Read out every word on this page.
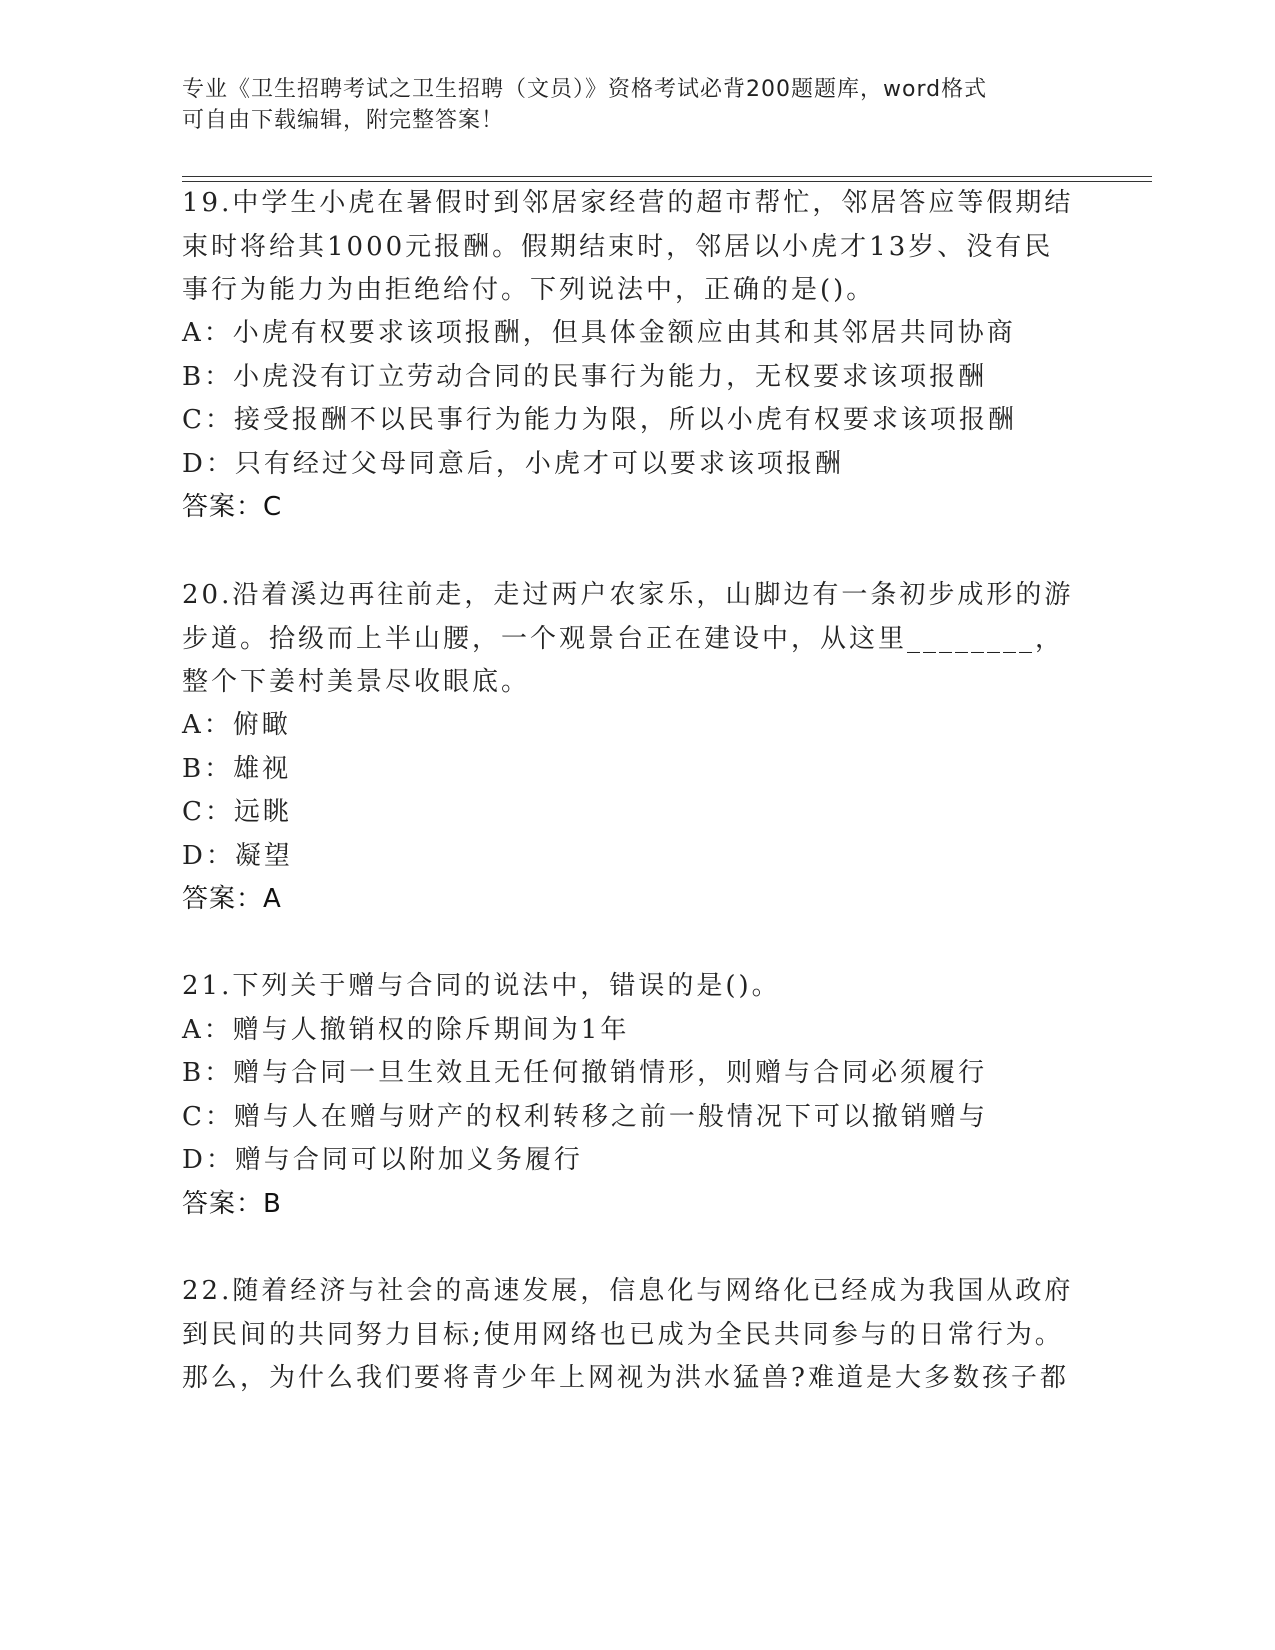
专业《卫生招聘考试之卫生招聘（文员）》资格考试必背200题题库，word格式
可自由下载编辑，附完整答案！
19.中学生小虎在暑假时到邻居家经营的超市帮忙，邻居答应等假期结
束时将给其1000元报酬。假期结束时，邻居以小虎才13岁、没有民
事行为能力为由拒绝给付。下列说法中，正确的是()。
A：小虎有权要求该项报酬，但具体金额应由其和其邻居共同协商
B：小虎没有订立劳动合同的民事行为能力，无权要求该项报酬
C：接受报酬不以民事行为能力为限，所以小虎有权要求该项报酬
D：只有经过父母同意后，小虎才可以要求该项报酬
20.沿着溪边再往前走，走过两户农家乐，山脚边有一条初步成形的游
步道。拾级而上半山腰，一个观景台正在建设中，从这里________，
整个下姜村美景尽收眼底。
A：俯瞰
B：雄视
C：远眺
D：凝望
21.下列关于赠与合同的说法中，错误的是()。
A：赠与人撤销权的除斥期间为1年
B：赠与合同一旦生效且无任何撤销情形，则赠与合同必须履行
C：赠与人在赠与财产的权利转移之前一般情况下可以撤销赠与
D：赠与合同可以附加义务履行
22.随着经济与社会的高速发展，信息化与网络化已经成为我国从政府
到民间的共同努力目标;使用网络也已成为全民共同参与的日常行为。
那么，为什么我们要将青少年上网视为洪水猛兽?难道是大多数孩子都
答案：C
答案：A
答案：B
